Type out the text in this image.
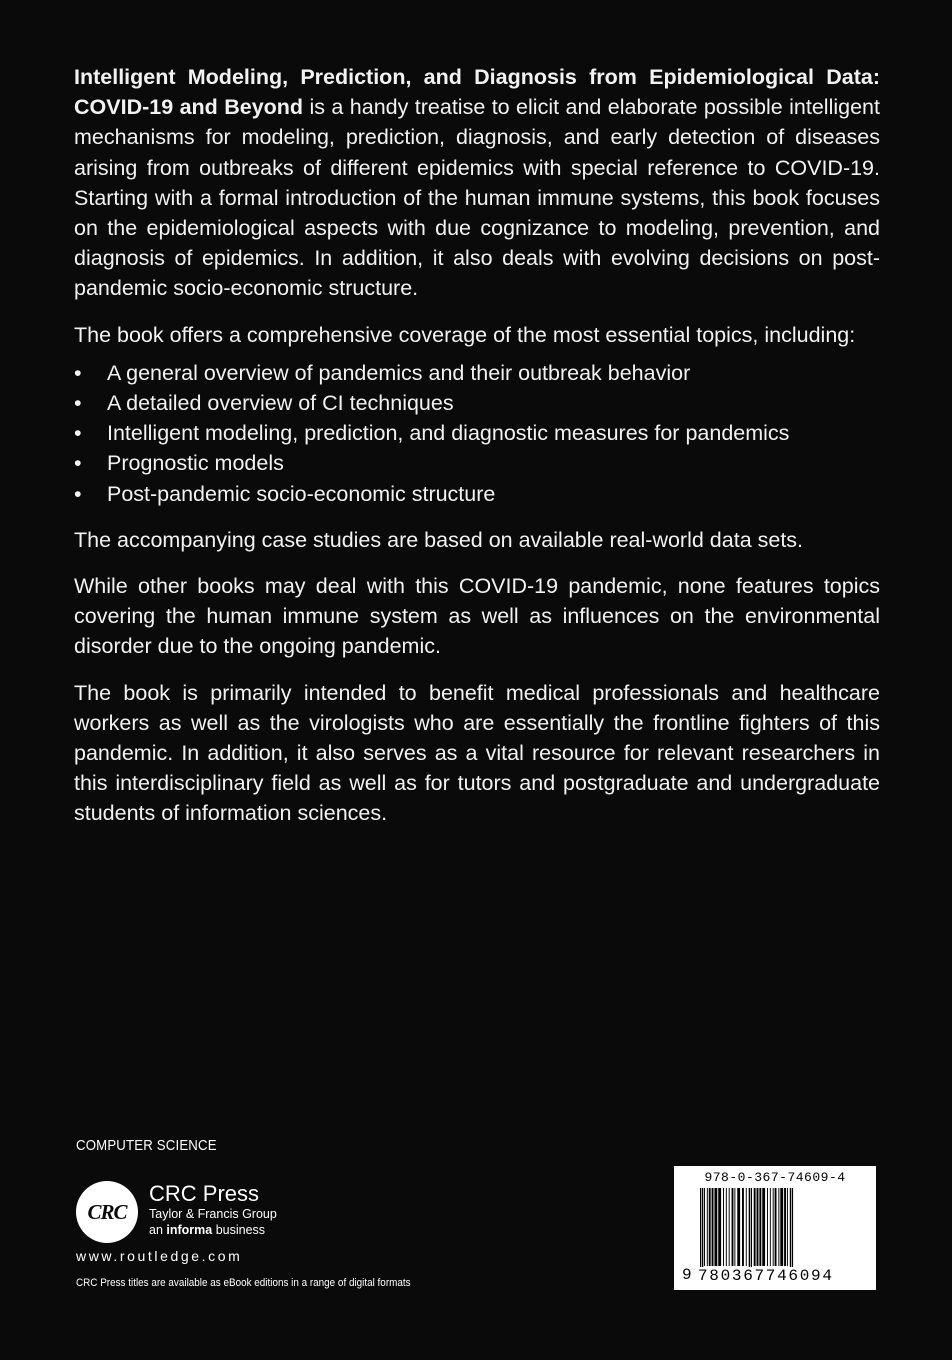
Intelligent Modeling, Prediction, and Diagnosis from Epidemiological Data: COVID-19 and Beyond is a handy treatise to elicit and elaborate possible intelligent mechanisms for modeling, prediction, diagnosis, and early detection of diseases arising from outbreaks of different epidemics with special reference to COVID-19. Starting with a formal introduction of the human immune systems, this book focuses on the epidemiological aspects with due cognizance to modeling, prevention, and diagnosis of epidemics. In addition, it also deals with evolving decisions on post-pandemic socio-economic structure.

The book offers a comprehensive coverage of the most essential topics, including:

• A general overview of pandemics and their outbreak behavior
• A detailed overview of CI techniques
• Intelligent modeling, prediction, and diagnostic measures for pandemics
• Prognostic models
• Post-pandemic socio-economic structure

The accompanying case studies are based on available real-world data sets.

While other books may deal with this COVID-19 pandemic, none features topics covering the human immune system as well as influences on the environmental disorder due to the ongoing pandemic.

The book is primarily intended to benefit medical professionals and healthcare workers as well as the virologists who are essentially the frontline fighters of this pandemic. In addition, it also serves as a vital resource for relevant researchers in this interdisciplinary field as well as for tutors and postgraduate and undergraduate students of information sciences.

COMPUTER SCIENCE
CRC
CRC Press
Taylor & Francis Group
an informa business
www.routledge.com
CRC Press titles are available as eBook editions in a range of digital formats
978-0-367-74609-4
9 780367746094
